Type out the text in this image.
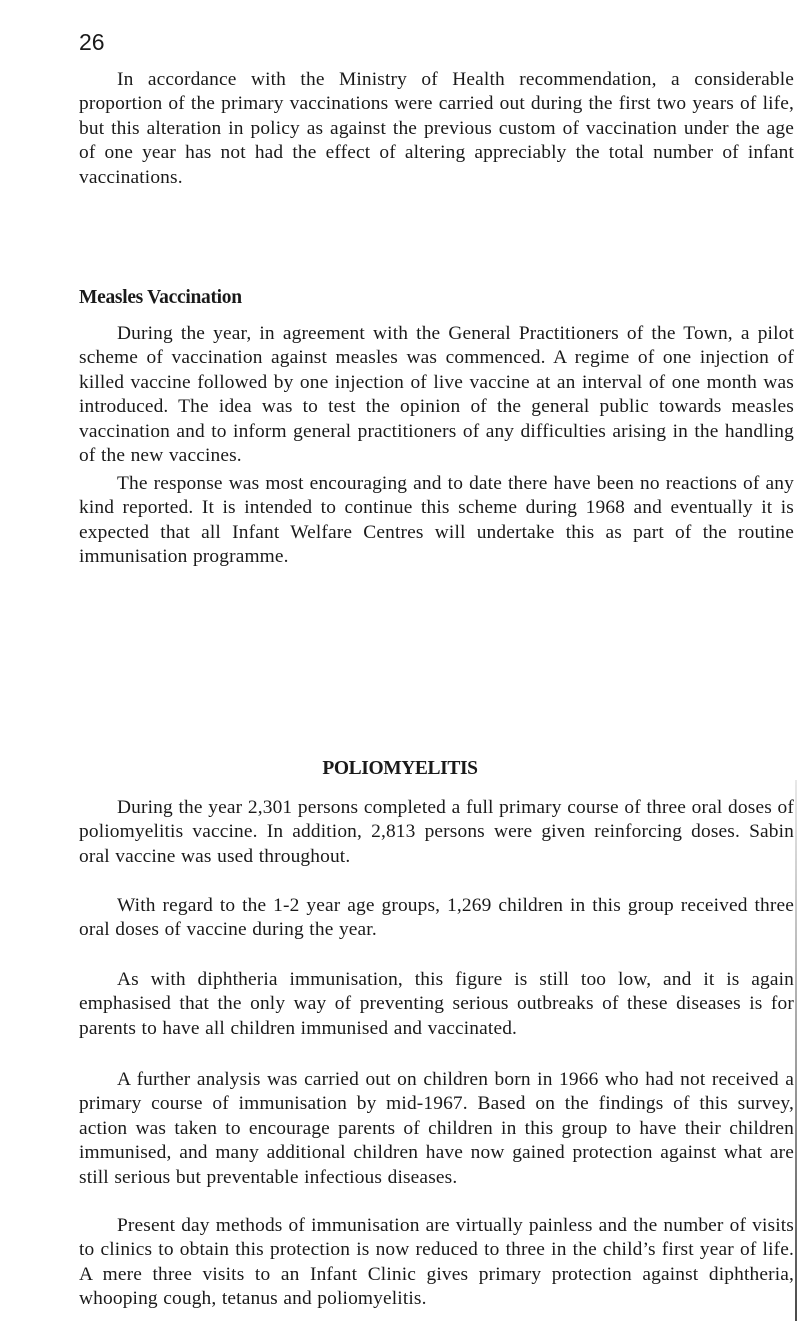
26

In accordance with the Ministry of Health recommendation, a considerable proportion of the primary vaccinations were carried out during the first two years of life, but this alteration in policy as against the previous custom of vaccination under the age of one year has not had the effect of altering appreciably the total number of infant vaccinations.

Measles Vaccination

During the year, in agreement with the General Practitioners of the Town, a pilot scheme of vaccination against measles was commenced. A regime of one injection of killed vaccine followed by one injection of live vaccine at an interval of one month was introduced. The idea was to test the opinion of the general public towards measles vaccination and to inform general practitioners of any difficulties arising in the handling of the new vaccines.

The response was most encouraging and to date there have been no reactions of any kind reported. It is intended to continue this scheme during 1968 and eventually it is expected that all Infant Welfare Centres will undertake this as part of the routine immunisation programme.

POLIOMYELITIS

During the year 2,301 persons completed a full primary course of three oral doses of poliomyelitis vaccine. In addition, 2,813 persons were given reinforcing doses. Sabin oral vaccine was used throughout.

With regard to the 1-2 year age groups, 1,269 children in this group received three oral doses of vaccine during the year.

As with diphtheria immunisation, this figure is still too low, and it is again emphasised that the only way of preventing serious outbreaks of these diseases is for parents to have all children immunised and vaccinated.

A further analysis was carried out on children born in 1966 who had not received a primary course of immunisation by mid-1967. Based on the findings of this survey, action was taken to encourage parents of children in this group to have their children immunised, and many additional children have now gained protection against what are still serious but preventable infectious diseases.

Present day methods of immunisation are virtually painless and the number of visits to clinics to obtain this protection is now reduced to three in the child’s first year of life. A mere three visits to an Infant Clinic gives primary protection against diphtheria, whooping cough, tetanus and poliomyelitis.
